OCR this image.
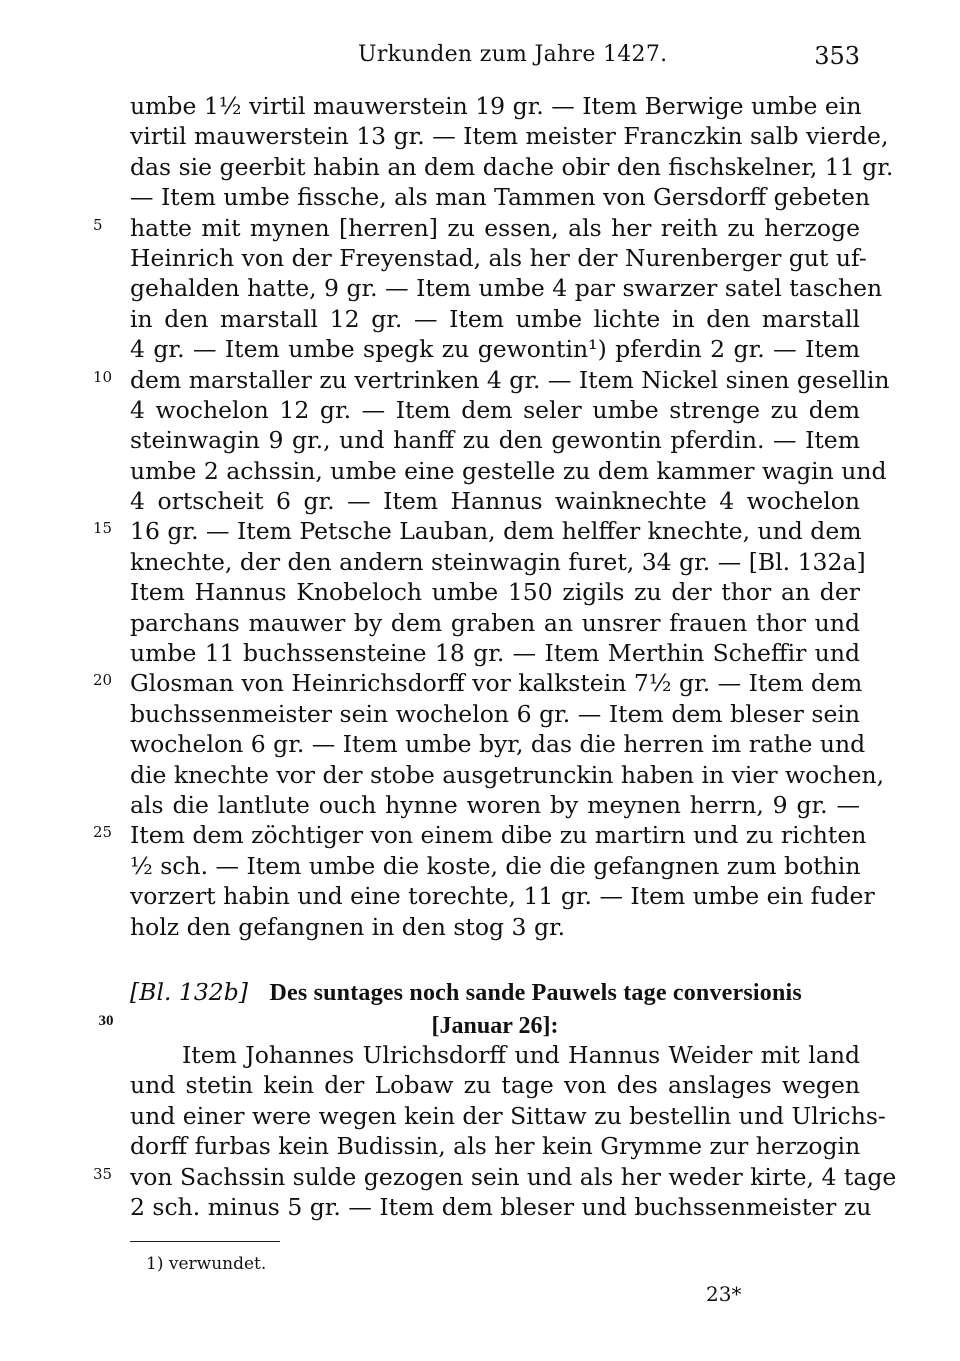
Urkunden zum Jahre 1427.	353
umbe 1½ virtil mauwerstein 19 gr. — Item Berwige umbe ein
virtil mauwerstein 13 gr. — Item meister Franczkin salb vierde,
das sie geerbit habin an dem dache obir den fischskelner, 11 gr.
— Item umbe fissche, als man Tammen von Gersdorff gebeten
5	hatte mit mynen [herren] zu essen, als her reith zu herzoge
Heinrich von der Freyenstad, als her der Nurenberger gut uf-
gehalden hatte, 9 gr. — Item umbe 4 par swarzer satel taschen
in den marstall 12 gr. — Item umbe lichte in den marstall
4 gr. — Item umbe spegk zu gewontin¹) pferdin 2 gr. — Item
10 dem marstaller zu vertrinken 4 gr. — Item Nickel sinen gesellin
4 wochelon 12 gr. — Item dem seler umbe strenge zu dem
steinwagin 9 gr., und hanff zu den gewontin pferdin. — Item
umbe 2 achssin, umbe eine gestelle zu dem kammer wagin und
4 ortscheit 6 gr. — Item Hannus wainknechte 4 wochelon
15 16 gr. — Item Petsche Lauban, dem helffer knechte, und dem
knechte, der den andern steinwagin furet, 34 gr. — [Bl. 132a]
Item Hannus Knobeloch umbe 150 zigils zu der thor an der
parchans mauwer by dem graben an unsrer frauen thor und
umbe 11 buchssensteine 18 gr. — Item Merthin Scheffir und
20 Glosman von Heinrichsdorff vor kalkstein 7½ gr. — Item dem
buchssenmeister sein wochelon 6 gr. — Item dem bleser sein
wochelon 6 gr. — Item umbe byr, das die herren im rathe und
die knechte vor der stobe ausgetrunckin haben in vier wochen,
als die lantlute ouch hynne woren by meynen herrn, 9 gr. —
25 Item dem zöchtiger von einem dibe zu martirn und zu richten
½ sch. — Item umbe die koste, die die gefangnen zum bothin
vorzert habin und eine torechte, 11 gr. — Item umbe ein fuder
holz den gefangnen in den stog 3 gr.
[Bl. 132b] Des suntages noch sande Pauwels tage conversionis
30	[Januar 26]:
Item Johannes Ulrichsdorff und Hannus Weider mit land
und stetin kein der Lobaw zu tage von des anslages wegen
und einer were wegen kein der Sittaw zu bestellin und Ulrichs-
dorff furbas kein Budissin, als her kein Grymme zur herzogin
35 von Sachssin sulde gezogen sein und als her weder kirte, 4 tage
2 sch. minus 5 gr. — Item dem bleser und buchssenmeister zu
1) verwundet.
23*
